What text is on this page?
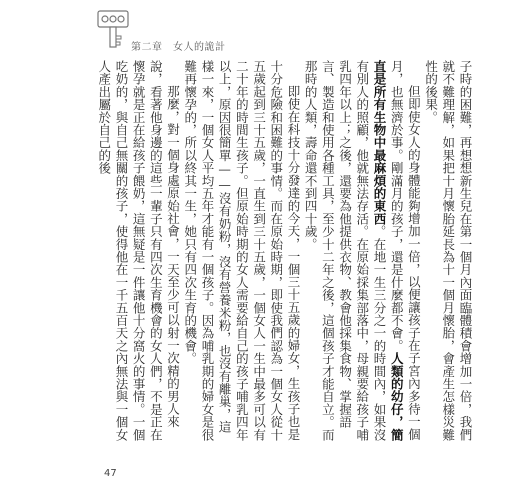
第二章　女人的詭計

子時的困難，再想想新生兒在第一個月內面臨體積會增加一倍，我們就不難理解，如果把十月懷胎延長為十一個月懷胎，會產生怎樣災難性的後果。

但即使女人的身體能夠增加一倍，以便讓孩子在子宮內多待一個月，也無濟於事。剛滿月的孩子，還是什麼都不會。人類的幼仔，簡直是所有生物中最麻煩的東西。在地一生三分之一的時間內，如果沒有別人的照顧，他就無法存活。在原始採集部落中，母親要給孩子哺乳四年以上；之後，還要為他提供衣物、教會他採集食物、掌握語言、製造和使用各種工具，至少十二年之後，這個孩子才能自立。而那時的人類，壽命還不到四十歲。

即使在科技十分發達的今天，一個三十五歲的婦女，生孩子也是十分危險和困難的事情。而在原始時期，即使我們認為一個女人從十五歲起到三十五歲，一直生到三十五歲，一個女人一生中最多可以有二十年的時間生孩子。但原始時期的女人需要給自己的孩子哺乳四年以上，原因很簡單——沒有奶粉，沒有營養米粉，也沒有離巢，這樣一來，一個女人平均五年才能有一個孩子。因為哺乳期的婦女是很難再懷孕的，所以終其一生，她只有四次生育的機會。

那麼，對一個身處原始社會，一天至少可以射一次精的男人來說，看著他身邊的這些一輩子只有四次生育機會的女人們，不是正在懷孕就是正在給孩子餵奶，這無疑是一件讓他十分窩火的事情。一個吃奶的，與自己無關的孩子，使得他在一千五百天之內無法與一個女人產出屬於自己的後

47
